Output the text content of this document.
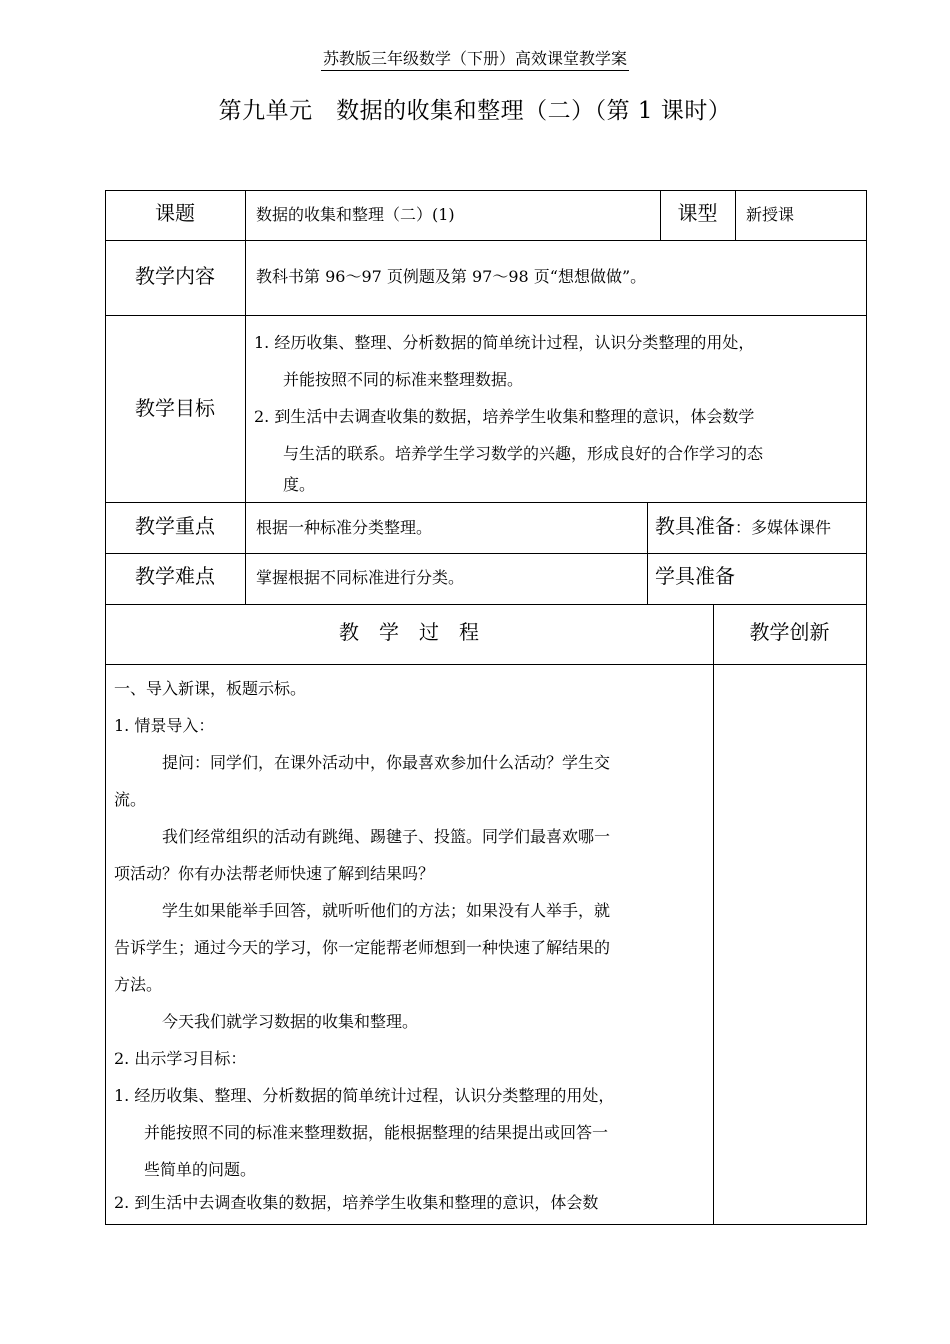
苏教版三年级数学（下册）高效课堂教学案
第九单元　数据的收集和整理（二）（第 1 课时）
课题	数据的收集和整理（二）(1)	课型	新授课
教学内容	教科书第 96～97 页例题及第 97～98 页“想想做做”。
教学目标
1. 经历收集、整理、分析数据的简单统计过程，认识分类整理的用处，
并能按照不同的标准来整理数据。
2. 到生活中去调查收集的数据，培养学生收集和整理的意识，体会数学
与生活的联系。培养学生学习数学的兴趣，形成良好的合作学习的态
度。
教学重点	根据一种标准分类整理。	教具准备：多媒体课件
教学难点	掌握根据不同标准进行分类。	学具准备
教　学　过　程	教学创新
一、导入新课，板题示标。
1. 情景导入：
提问：同学们，在课外活动中，你最喜欢参加什么活动？学生交
流。
我们经常组织的活动有跳绳、踢毽子、投篮。同学们最喜欢哪一
项活动？你有办法帮老师快速了解到结果吗？
学生如果能举手回答，就听听他们的方法；如果没有人举手，就
告诉学生；通过今天的学习，你一定能帮老师想到一种快速了解结果的
方法。
今天我们就学习数据的收集和整理。
2. 出示学习目标：
1. 经历收集、整理、分析数据的简单统计过程，认识分类整理的用处，
并能按照不同的标准来整理数据，能根据整理的结果提出或回答一
些简单的问题。
2. 到生活中去调查收集的数据，培养学生收集和整理的意识，体会数
